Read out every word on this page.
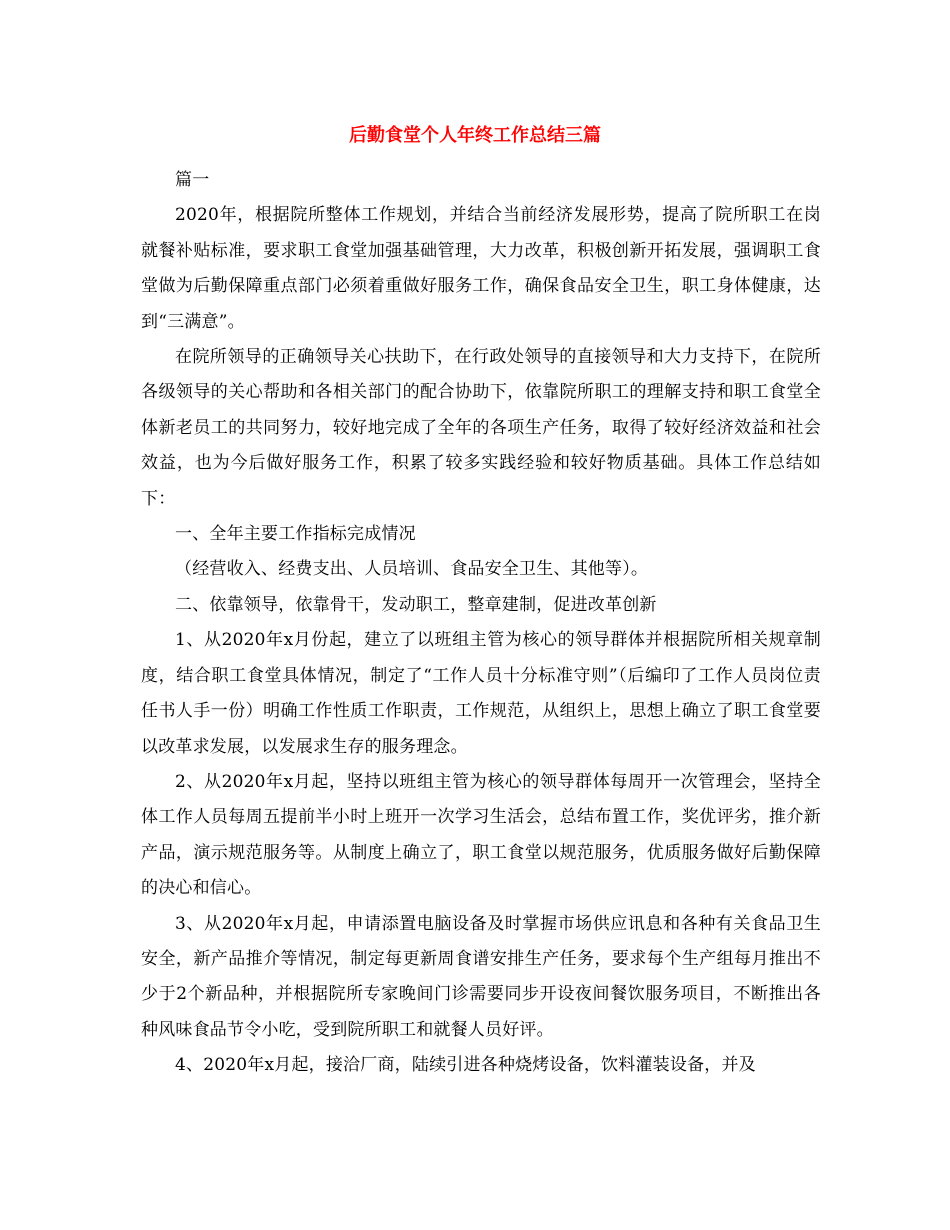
后勤食堂个人年终工作总结三篇

篇一

2020年，根据院所整体工作规划，并结合当前经济发展形势，提高了院所职工在岗就餐补贴标准，要求职工食堂加强基础管理，大力改革，积极创新开拓发展，强调职工食堂做为后勤保障重点部门必须着重做好服务工作，确保食品安全卫生，职工身体健康，达到“三满意”。

在院所领导的正确领导关心扶助下，在行政处领导的直接领导和大力支持下，在院所各级领导的关心帮助和各相关部门的配合协助下，依靠院所职工的理解支持和职工食堂全体新老员工的共同努力，较好地完成了全年的各项生产任务，取得了较好经济效益和社会效益，也为今后做好服务工作，积累了较多实践经验和较好物质基础。具体工作总结如下：

一、全年主要工作指标完成情况

（经营收入、经费支出、人员培训、食品安全卫生、其他等）。

二、依靠领导，依靠骨干，发动职工，整章建制，促进改革创新

1、从2020年x月份起，建立了以班组主管为核心的领导群体并根据院所相关规章制度，结合职工食堂具体情况，制定了“工作人员十分标准守则”（后编印了工作人员岗位责任书人手一份）明确工作性质工作职责，工作规范，从组织上，思想上确立了职工食堂要以改革求发展，以发展求生存的服务理念。

2、从2020年x月起，坚持以班组主管为核心的领导群体每周开一次管理会，坚持全体工作人员每周五提前半小时上班开一次学习生活会，总结布置工作，奖优评劣，推介新产品，演示规范服务等。从制度上确立了，职工食堂以规范服务，优质服务做好后勤保障的决心和信心。

3、从2020年x月起，申请添置电脑设备及时掌握市场供应讯息和各种有关食品卫生安全，新产品推介等情况，制定每更新周食谱安排生产任务，要求每个生产组每月推出不少于2个新品种，并根据院所专家晚间门诊需要同步开设夜间餐饮服务项目，不断推出各种风味食品节令小吃，受到院所职工和就餐人员好评。

4、2020年x月起，接洽厂商，陆续引进各种烧烤设备，饮料灌装设备，并及
